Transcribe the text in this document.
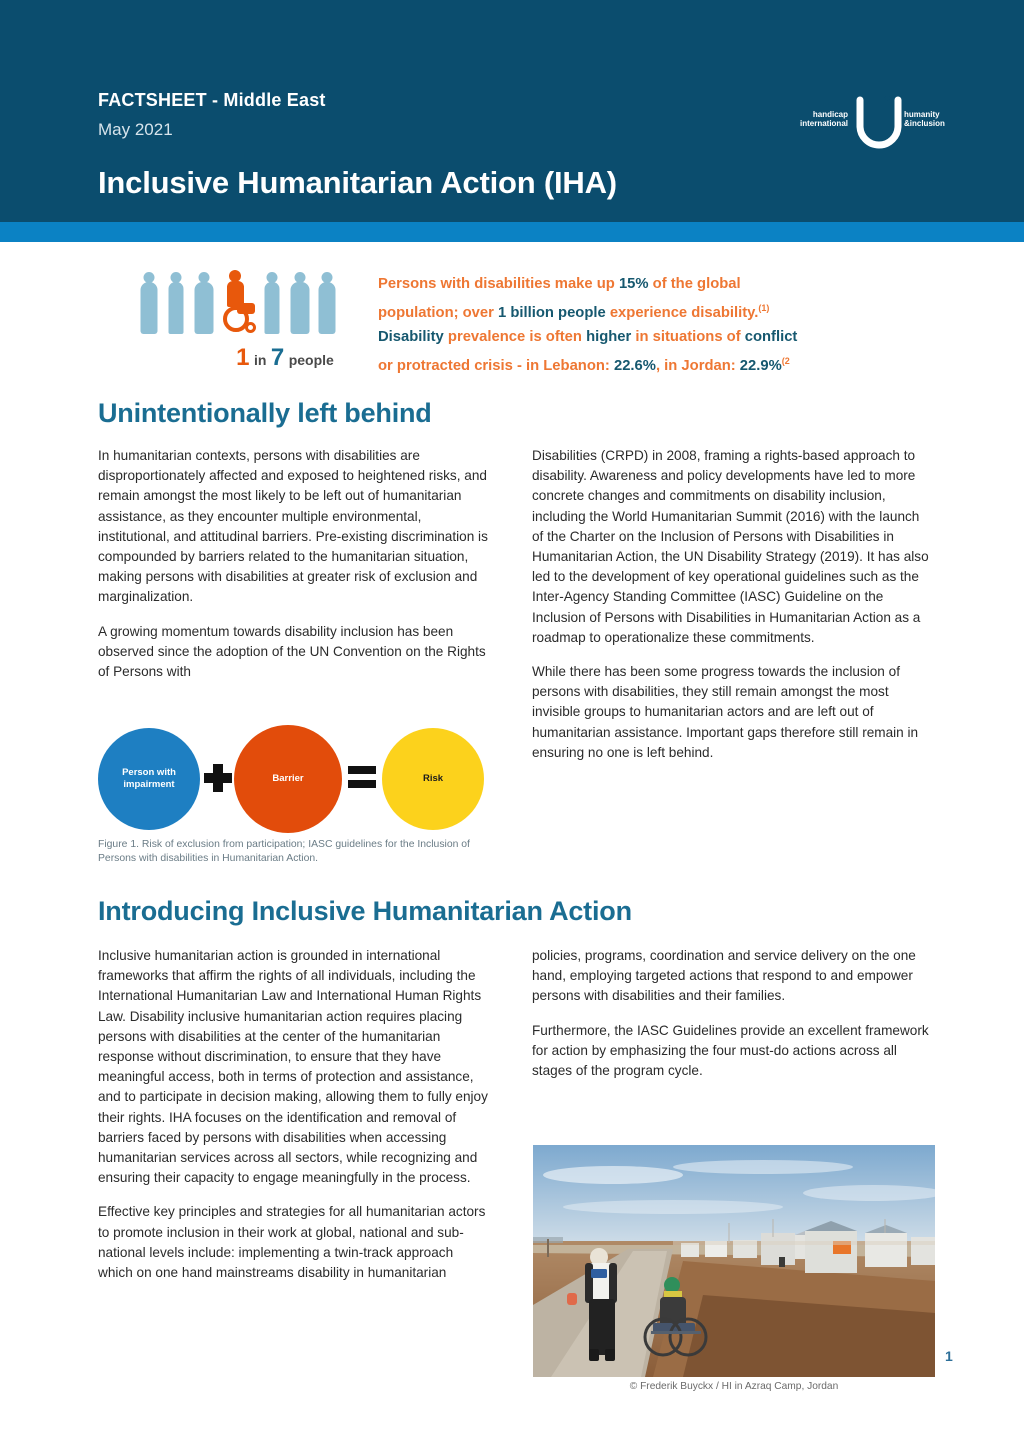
FACTSHEET - Middle East
May 2021
Inclusive Humanitarian Action (IHA)
handicap
international
humanity
&inclusion
1 in 7 people
Persons with disabilities make up 15% of the global
population; over 1 billion people experience disability.$^{(1)}$
Disability prevalence is often higher in situations of conflict
or protracted crisis - in Lebanon: 22.6%, in Jordan: 22.9%$^{(2}$
Unintentionally left behind

In humanitarian contexts, persons with disabilities are disproportionately affected and exposed to heightened risks, and remain amongst the most likely to be left out of humanitarian assistance, as they encounter multiple environmental, institutional, and attitudinal barriers. Pre-existing discrimination is compounded by barriers related to the humanitarian situation, making persons with disabilities at greater risk of exclusion and marginalization.

A growing momentum towards disability inclusion has been observed since the adoption of the UN Convention on the Rights of Persons with

Disabilities (CRPD) in 2008, framing a rights-based approach to disability. Awareness and policy developments have led to more concrete changes and commitments on disability inclusion, including the World Humanitarian Summit (2016) with the launch of the Charter on the Inclusion of Persons with Disabilities in Humanitarian Action, the UN Disability Strategy (2019). It has also led to the development of key operational guidelines such as the Inter-Agency Standing Committee (IASC) Guideline on the Inclusion of Persons with Disabilities in Humanitarian Action as a roadmap to operationalize these commitments.

While there has been some progress towards the inclusion of persons with disabilities, they still remain amongst the most invisible groups to humanitarian actors and are left out of humanitarian assistance. Important gaps therefore still remain in ensuring no one is left behind.

Person with
impairment
Barrier	Risk
Figure 1. Risk of exclusion from participation; IASC guidelines for the Inclusion of Persons with disabilities in Humanitarian Action.
Introducing Inclusive Humanitarian Action

Inclusive humanitarian action is grounded in international frameworks that affirm the rights of all individuals, including the International Humanitarian Law and International Human Rights Law. Disability inclusive humanitarian action requires placing persons with disabilities at the center of the humanitarian response without discrimination, to ensure that they have meaningful access, both in terms of protection and assistance, and to participate in decision making, allowing them to fully enjoy their rights. IHA focuses on the identification and removal of barriers faced by persons with disabilities when accessing humanitarian services across all sectors, while recognizing and ensuring their capacity to engage meaningfully in the process.

Effective key principles and strategies for all humanitarian actors to promote inclusion in their work at global, national and sub-national levels include: implementing a twin-track approach which on one hand mainstreams disability in humanitarian

policies, programs, coordination and service delivery on the one hand, employing targeted actions that respond to and empower persons with disabilities and their families.

Furthermore, the IASC Guidelines provide an excellent framework for action by emphasizing the four must-do actions across all stages of the program cycle.

© Frederik Buyckx / HI in Azraq Camp, Jordan
1
